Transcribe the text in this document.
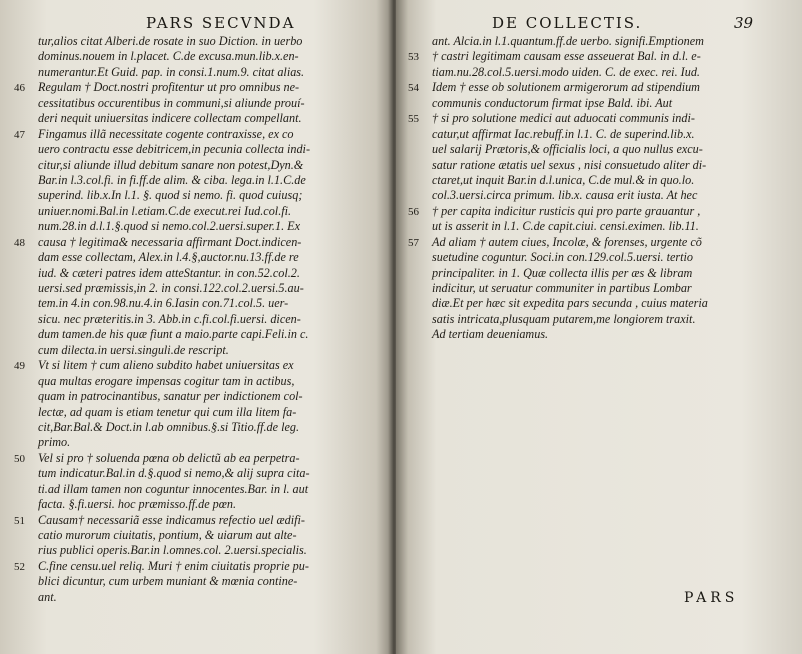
PARS SECVNDA
tur,alios citat Alberi.de rosate in suo Diction. in uerbo
dominus.nouem in l.placet. C.de excusa.mun.lib.x.en-
numerantur.Et Guid. pap. in consi.1.num.9. citat alias.
46 Regulam † Doct.nostri profitentur ut pro omnibus ne-
cessitatibus occurentibus in communi,si aliunde prouí-
deri nequit uniuersitas indicere collectam compellant.
47 Fingamus illã necessitate cogente contraxisse, ex co
uero contractu esse debitricem,in pecunia collecta indi-
citur,si aliunde illud debitum sanare non potest,Dyn.&
Bar.in l.3.col.fi. in fi.ff.de alim. & ciba. lega.in l.1.C.de
superind. lib.x.In l.1. §. quod si nemo. fi. quod cuiusq;
uniuer.nomi.Bal.in l.etiam.C.de execut.rei Iud.col.fi.
num.28.in d.l.1.§.quod si nemo.col.2.uersi.super.1. Ex
48 causa † legitima& necessaria affirmant Doct.indicen-
dam esse collectam, Alex.in l.4.§,auctor.nu.13.ff.de re
iud. & cæteri patres idem atteStantur. in con.52.col.2.
uersi.sed præmissis,in 2. in consi.122.col.2.uersi.5.au-
tem.in 4.in con.98.nu.4.in 6.Iasin con.71.col.5. uer-
sicu. nec præteritis.in 3. Abb.in c.fi.col.fi.uersi. dicen-
dum tamen.de his quæ fiunt a maio.parte capi.Feli.in c.
cum dilecta.in uersi.singuli.de rescript.
49 Vt si litem † cum alieno subdito habet uniuersitas ex
qua multas erogare impensas cogitur tam in actibus,
quam in patrocinantibus, sanatur per indictionem col-
lectæ, ad quam is etiam tenetur qui cum illa litem fa-
cit,Bar.Bal.& Doct.in l.ab omnibus.§.si Titio.ff.de leg.
primo.
50 Vel si pro † soluenda pœna ob delictũ ab ea perpetra-
tum indicatur.Bal.in d.§.quod si nemo,& alij supra cita-
ti.ad illam tamen non coguntur innocentes.Bar. in l. aut
facta. §.fi.uersi. hoc præmisso.ff.de pœn.
51 Causam† necessariã esse indicamus refectio uel ædifi-
catio murorum ciuitatis, pontium, & uiarum aut alte-
rius publici operis.Bar.in l.omnes.col. 2.uersi.specialis.
52 C.fine censu.uel reliq. Muri † enim ciuitatis proprie pu-
blici dicuntur, cum urbem muniant & mœnia contine-
ant.
DE COLLECTIS.	39
ant. Alcia.in l.1.quantum.ff.de uerbo. signifi.Emptionem
53 † castri legitimam causam esse asseuerat Bal. in d.l. e-
tiam.nu.28.col.5.uersi.modo uiden. C. de exec. rei. Iud.
54 Idem † esse ob solutionem armigerorum ad stipendium
communis conductorum firmat ipse Bald. ibi. Aut
55 † si pro solutione medici aut aduocati communis indi-
catur,ut affirmat Iac.rebuff.in l.1. C. de superind.lib.x.
uel salarij Prætoris,& officialis loci, a quo nullus excu-
satur ratione ætatis uel sexus , nisi consuetudo aliter di-
ctaret,ut inquit Bar.in d.l.unica, C.de mul.& in quo.lo.
col.3.uersi.circa primum. lib.x. causa erit iusta. At hec
56 † per capita indicitur rusticis qui pro parte grauantur ,
ut is asserit in l.1. C.de capit.ciui. censi.eximen. lib.11.
57 Ad aliam † autem ciues, Incolæ, & forenses, urgente cõ
suetudine coguntur. Soci.in con.129.col.5.uersi. tertio
principaliter. in 1. Quæ collecta illis per æs & libram
indicitur, ut seruatur communiter in partibus Lombar
diæ.Et per hæc sit expedita pars secunda , cuius materia
satis intricata,plusquam putarem,me longiorem traxit.
Ad tertiam deueniamus.
PARS
